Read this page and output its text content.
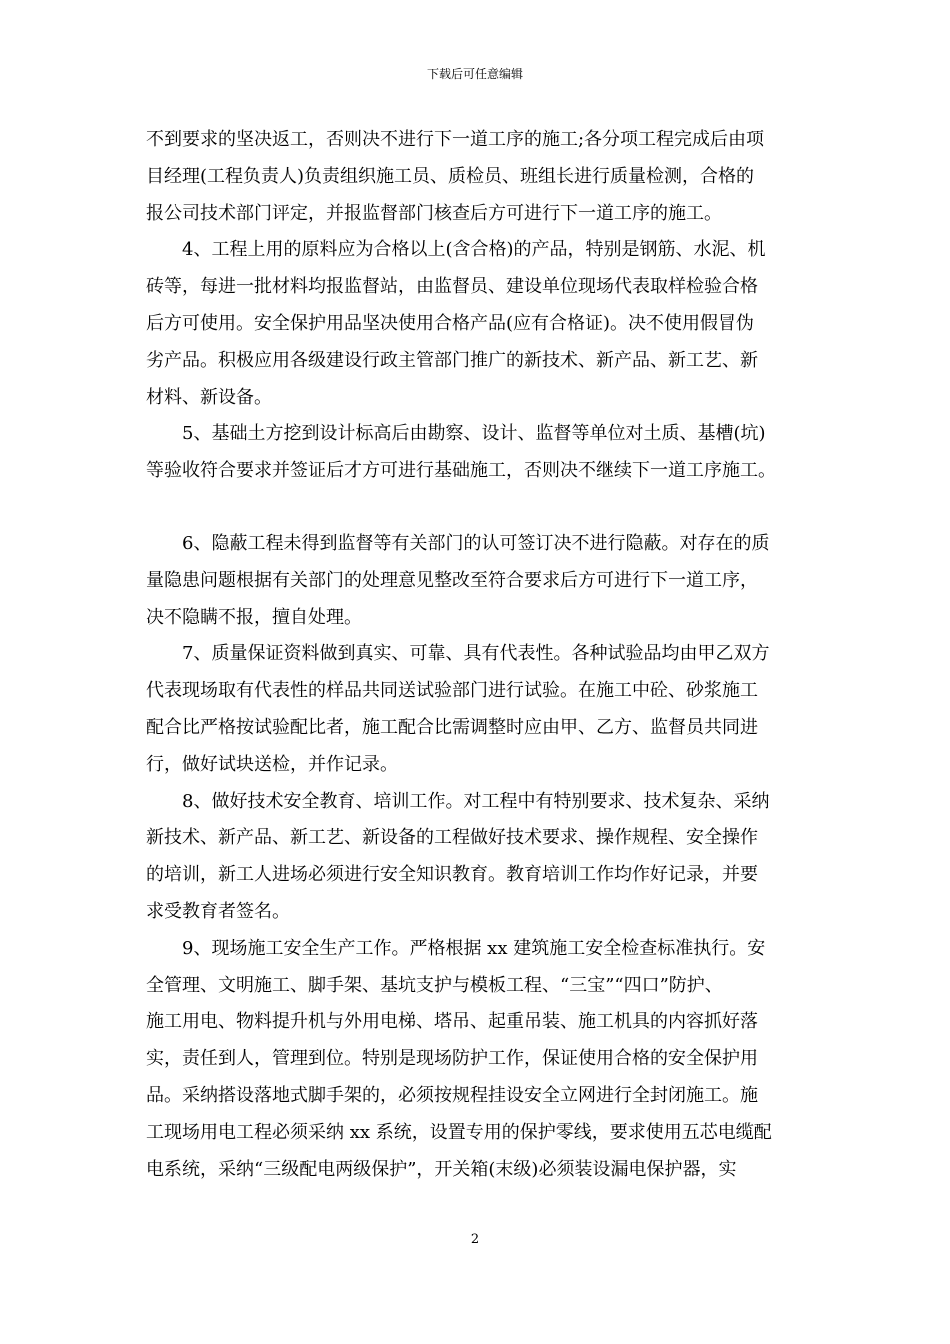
下载后可任意编辑
不到要求的坚决返工，否则决不进行下一道工序的施工;各分项工程完成后由项
目经理(工程负责人)负责组织施工员、质检员、班组长进行质量检测，合格的
报公司技术部门评定，并报监督部门核查后方可进行下一道工序的施工。
4、工程上用的原料应为合格以上(含合格)的产品，特别是钢筋、水泥、机
砖等，每进一批材料均报监督站，由监督员、建设单位现场代表取样检验合格
后方可使用。安全保护用品坚决使用合格产品(应有合格证)。决不使用假冒伪
劣产品。积极应用各级建设行政主管部门推广的新技术、新产品、新工艺、新
材料、新设备。
5、基础土方挖到设计标高后由勘察、设计、监督等单位对土质、基槽(坑)
等验收符合要求并签证后才方可进行基础施工，否则决不继续下一道工序施工。
6、隐蔽工程未得到监督等有关部门的认可签订决不进行隐蔽。对存在的质
量隐患问题根据有关部门的处理意见整改至符合要求后方可进行下一道工序，
决不隐瞒不报，擅自处理。
7、质量保证资料做到真实、可靠、具有代表性。各种试验品均由甲乙双方
代表现场取有代表性的样品共同送试验部门进行试验。在施工中砼、砂浆施工
配合比严格按试验配比者，施工配合比需调整时应由甲、乙方、监督员共同进
行，做好试块送检，并作记录。
8、做好技术安全教育、培训工作。对工程中有特别要求、技术复杂、采纳
新技术、新产品、新工艺、新设备的工程做好技术要求、操作规程、安全操作
的培训，新工人进场必须进行安全知识教育。教育培训工作均作好记录，并要
求受教育者签名。
9、现场施工安全生产工作。严格根据 xx 建筑施工安全检查标准执行。安
全管理、文明施工、脚手架、基坑支护与模板工程、“三宝”“四口”防护、
施工用电、物料提升机与外用电梯、塔吊、起重吊装、施工机具的内容抓好落
实，责任到人，管理到位。特别是现场防护工作，保证使用合格的安全保护用
品。采纳搭设落地式脚手架的，必须按规程挂设安全立网进行全封闭施工。施
工现场用电工程必须采纳 xx 系统，设置专用的保护零线，要求使用五芯电缆配
电系统，采纳“三级配电两级保护”，开关箱(末级)必须装设漏电保护器，实
2
